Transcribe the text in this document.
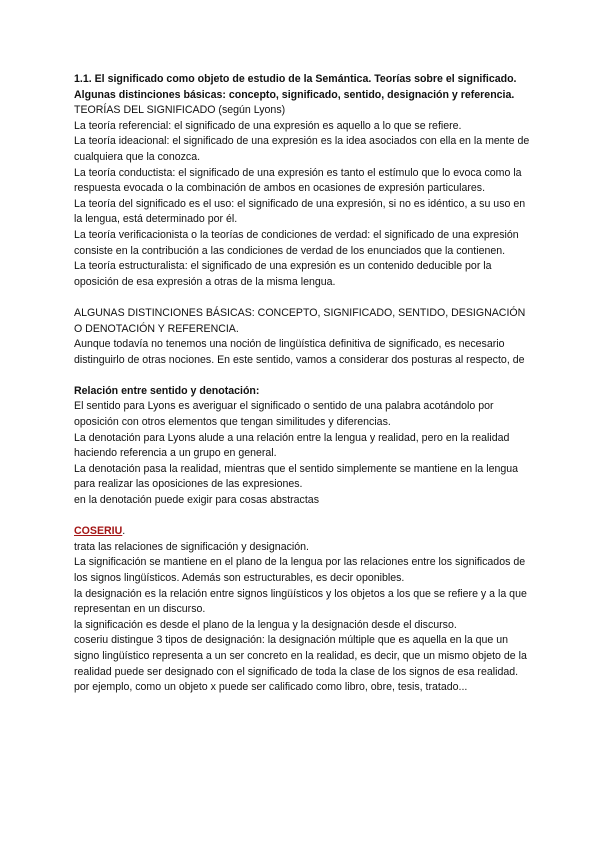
1.1. El significado como objeto de estudio de la Semántica. Teorías sobre el significado. Algunas distinciones básicas: concepto, significado, sentido, designación y referencia.

TEORÍAS DEL SIGNIFICADO (según Lyons)

La teoría referencial: el significado de una expresión es aquello a lo que se refiere.

La teoría ideacional: el significado de una expresión es la idea asociados con ella en la mente de cualquiera que la conozca.

La teoría conductista: el significado de una expresión es tanto el estímulo que lo evoca como la respuesta evocada o la combinación de ambos en ocasiones de expresión particulares.

La teoría del significado es el uso: el significado de una expresión, si no es idéntico, a su uso en la lengua, está determinado por él.

La teoría verificacionista o la teorías de condiciones de verdad: el significado de una expresión consiste en la contribución a las condiciones de verdad de los enunciados que la contienen.

La teoría estructuralista: el significado de una expresión es un contenido deducible por la oposición de esa expresión a otras de la misma lengua.

ALGUNAS DISTINCIONES BÁSICAS: CONCEPTO, SIGNIFICADO, SENTIDO, DESIGNACIÓN O DENOTACIÓN Y REFERENCIA.

Aunque todavía no tenemos una noción de lingüística definitiva de significado, es necesario distinguirlo de otras nociones. En este sentido, vamos a considerar dos posturas al respecto, de

Relación entre sentido y denotación:

El sentido para Lyons es averiguar el significado o sentido de una palabra acotándolo por oposición con otros elementos que tengan similitudes y diferencias.

La denotación para Lyons alude a una relación entre la lengua y realidad, pero en la realidad haciendo referencia a un grupo en general.

La denotación pasa la realidad, mientras que el sentido simplemente se mantiene en la lengua para realizar las oposiciones de las expresiones.

en la denotación puede exigir para cosas abstractas

COSERIU.

trata las relaciones de significación y designación.

La significación se mantiene en el plano de la lengua por las relaciones entre los significados de los signos lingüísticos. Además son estructurables, es decir oponibles.

la designación es la relación entre signos lingüísticos y los objetos a los que se refiere y a la que representan en un discurso.

la significación es desde el plano de la lengua y la designación desde el discurso.

coseriu distingue 3 tipos de designación: la designación múltiple que es aquella en la que un signo lingüístico representa a un ser concreto en la realidad, es decir, que un mismo objeto de la realidad puede ser designado con el significado de toda la clase de los signos de esa realidad. por ejemplo, como un objeto x puede ser calificado como libro, obre, tesis, tratado...
